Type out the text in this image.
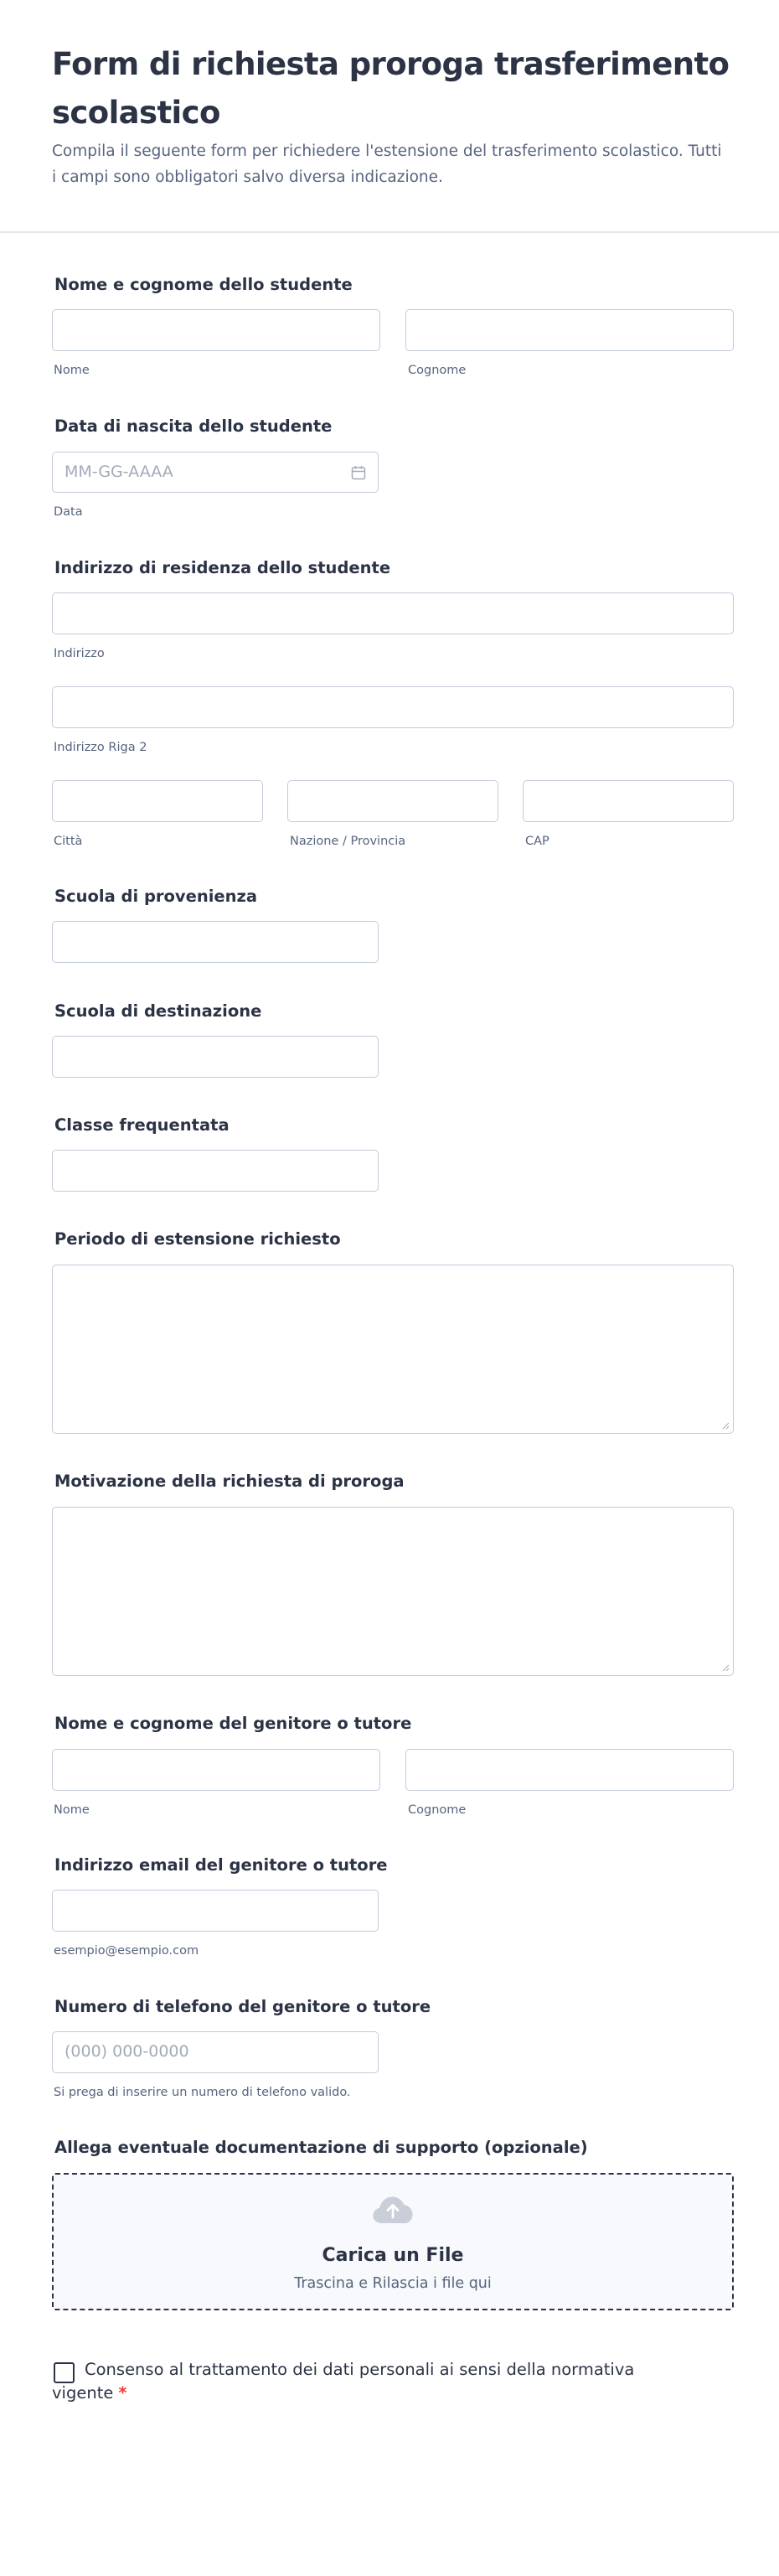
Form di richiesta proroga trasferimento scolastico
Compila il seguente form per richiedere l'estensione del trasferimento scolastico. Tutti i campi sono obbligatori salvo diversa indicazione.
Nome e cognome dello studente
Nome	Cognome
Data di nascita dello studente
MM-GG-AAAA
Data
Indirizzo di residenza dello studente
Indirizzo
Indirizzo Riga 2
Città	Nazione / Provincia	CAP
Scuola di provenienza
Scuola di destinazione
Classe frequentata
Periodo di estensione richiesto
Motivazione della richiesta di proroga
Nome e cognome del genitore o tutore
Nome	Cognome
Indirizzo email del genitore o tutore
esempio@esempio.com
Numero di telefono del genitore o tutore
(000) 000-0000
Si prega di inserire un numero di telefono valido.
Allega eventuale documentazione di supporto (opzionale)
Carica un File
Trascina e Rilascia i file qui
Consenso al trattamento dei dati personali ai sensi della normativa vigente *
